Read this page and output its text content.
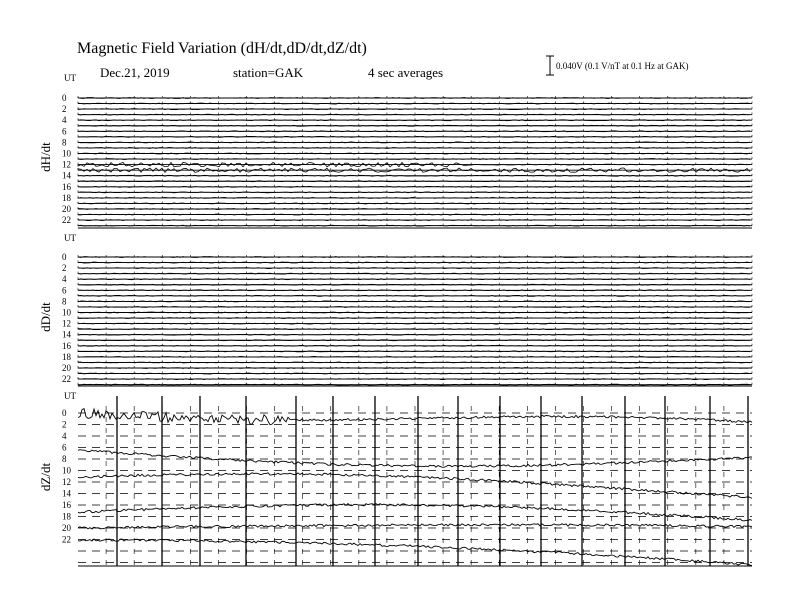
Magnetic Field Variation (dH/dt,dD/dt,dZ/dt)
Dec.21, 2019	station=GAK	4 sec averages	0.040V (0.1 V/nT at 0.1 Hz at GAK)
UT
dH/dt
0
2
4
6
8
10
12
14
16
18
20
22
UT
dD/dt
0
2
4
6
8
10
12
14
16
18
20
22
UT
dZ/dt
0
2
4
6
8
10
12
14
16
18
20
22
